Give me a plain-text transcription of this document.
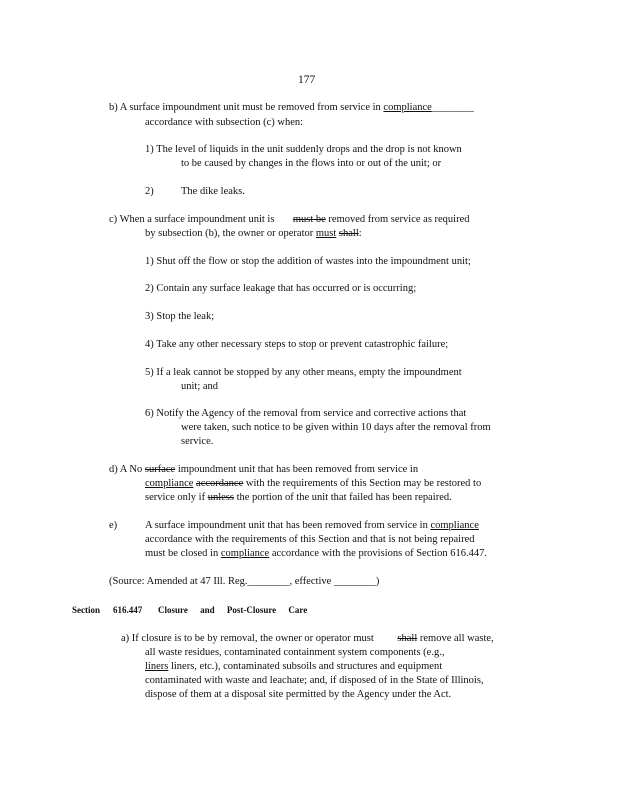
177
b) A surface impoundment unit must be removed from service in compliance________
accordance with subsection (c) when:
1) The level of liquids in the unit suddenly drops and the drop is not known
to be caused by changes in the flows into or out of the unit; or
2)	The dike leaks.
c) When a surface impoundment unit is must be removed from service as required
by subsection (b), the owner or operator must shall:
1) Shut off the flow or stop the addition of wastes into the impoundment unit;
2) Contain any surface leakage that has occurred or is occurring;
3) Stop the leak;
4) Take any other necessary steps to stop or prevent catastrophic failure;
5) If a leak cannot be stopped by any other means, empty the impoundment
unit; and
6) Notify the Agency of the removal from service and corrective actions that
were taken, such notice to be given within 10 days after the removal from
service.
d) A No surface impoundment unit that has been removed from service in
compliance accordance with the requirements of this Section may be restored to
service only if unless the portion of the unit that failed has been repaired.
e)	A surface impoundment unit that has been removed from service in compliance
accordance with the requirements of this Section and that is not being repaired
must be closed in compliance accordance with the provisions of Section 616.447.
(Source: Amended at 47 Ill. Reg.________, effective ________)
Section 616.447 Closure and Post-Closure Care
a) If closure is to be by removal, the owner or operator must shall remove all waste,
all waste residues, contaminated containment system components (e.g.,
liners liners, etc.), contaminated subsoils and structures and equipment
contaminated with waste and leachate; and, if disposed of in the State of Illinois,
dispose of them at a disposal site permitted by the Agency under the Act.
